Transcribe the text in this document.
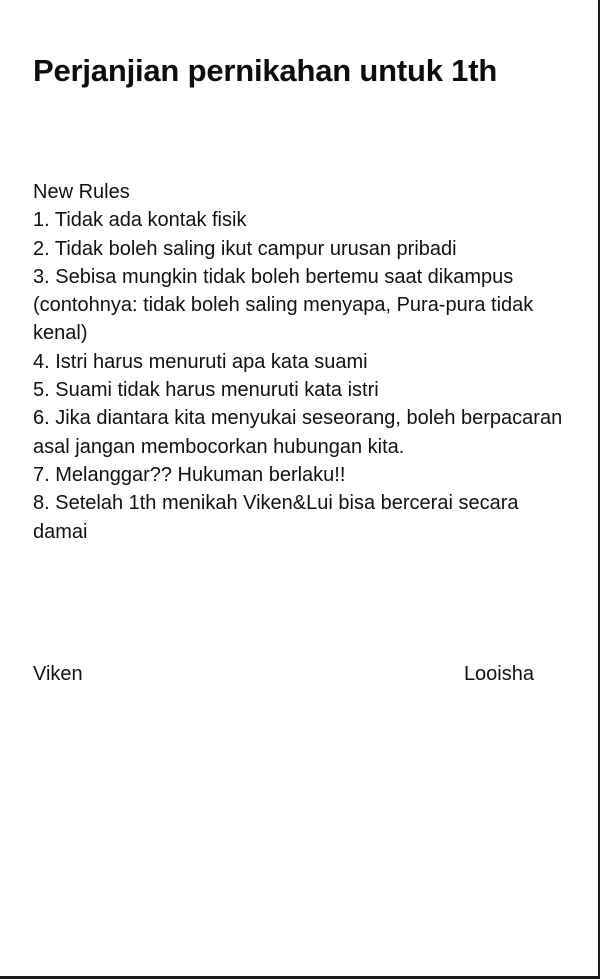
Perjanjian pernikahan untuk 1th

New Rules

1. Tidak ada kontak fisik
2. Tidak boleh saling ikut campur urusan pribadi
3. Sebisa mungkin tidak boleh bertemu saat dikampus (contohnya: tidak boleh saling menyapa, Pura-pura tidak kenal)
4. Istri harus menuruti apa kata suami
5. Suami tidak harus menuruti kata istri
6. Jika diantara kita menyukai seseorang, boleh berpacaran asal jangan membocorkan hubungan kita.
7. Melanggar?? Hukuman berlaku!!
8. Setelah 1th menikah Viken&Lui bisa bercerai secara damai
Viken	Looisha
